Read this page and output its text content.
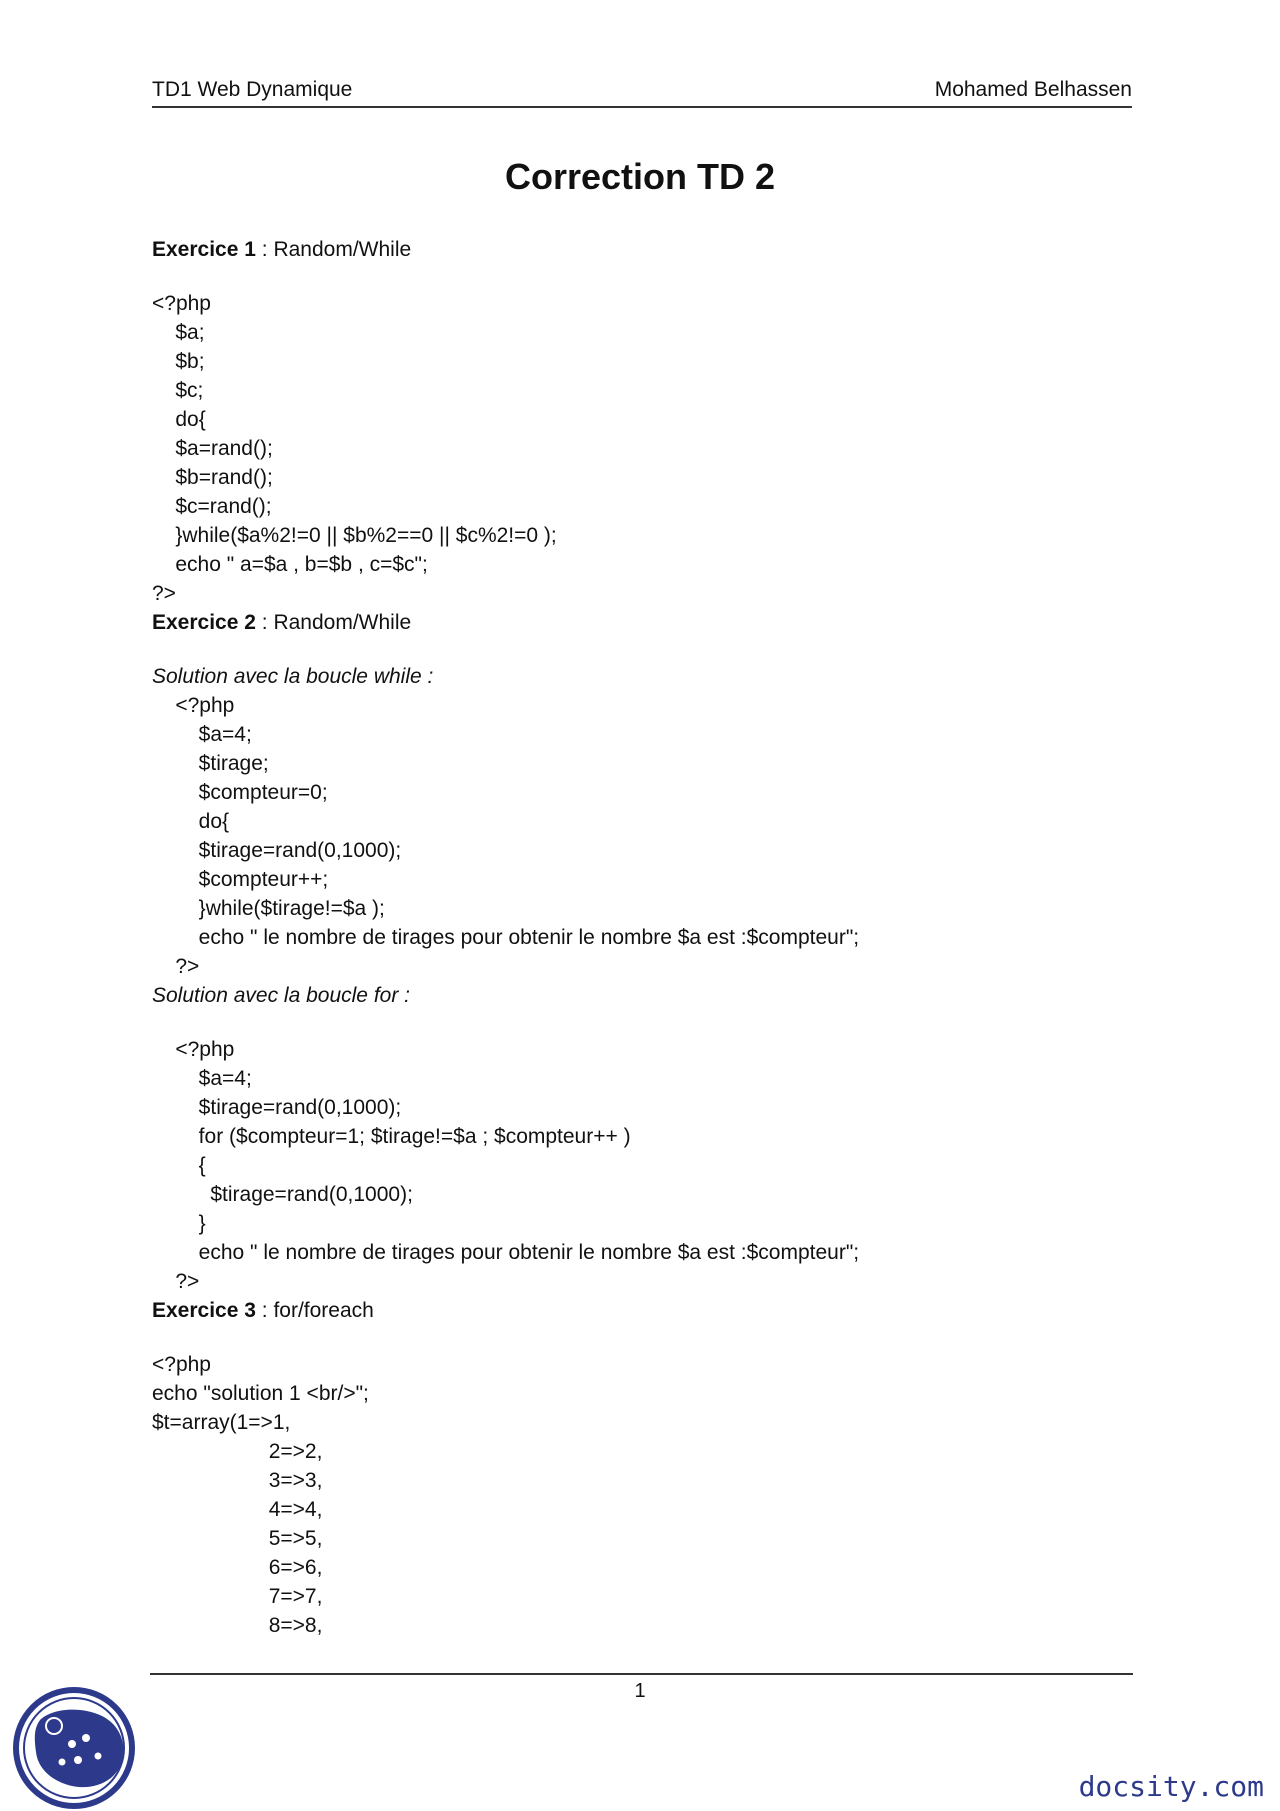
TD1 Web Dynamique	Mohamed Belhassen
Correction TD 2
Exercice 1 : Random/While
<?php
$a;
$b;
$c;
do{
$a=rand();
$b=rand();
$c=rand();
}while($a%2!=0 || $b%2==0 || $c%2!=0 );
echo " a=$a , b=$b , c=$c";
?>
Exercice 2 : Random/While
Solution avec la boucle while :
<?php
$a=4;
$tirage;
$compteur=0;
do{
$tirage=rand(0,1000);
$compteur++;
}while($tirage!=$a );
echo " le nombre de tirages pour obtenir le nombre $a est :$compteur";
?>
Solution avec la boucle for :
<?php
$a=4;
$tirage=rand(0,1000);
for ($compteur=1; $tirage!=$a ; $compteur++ )
{
$tirage=rand(0,1000);
}
echo " le nombre de tirages pour obtenir le nombre $a est :$compteur";
?>
Exercice 3 : for/foreach
<?php
echo "solution 1 <br/>";
$t=array(1=>1,
2=>2,
3=>3,
4=>4,
5=>5,
6=>6,
7=>7,
8=>8,
1
docsity.com
